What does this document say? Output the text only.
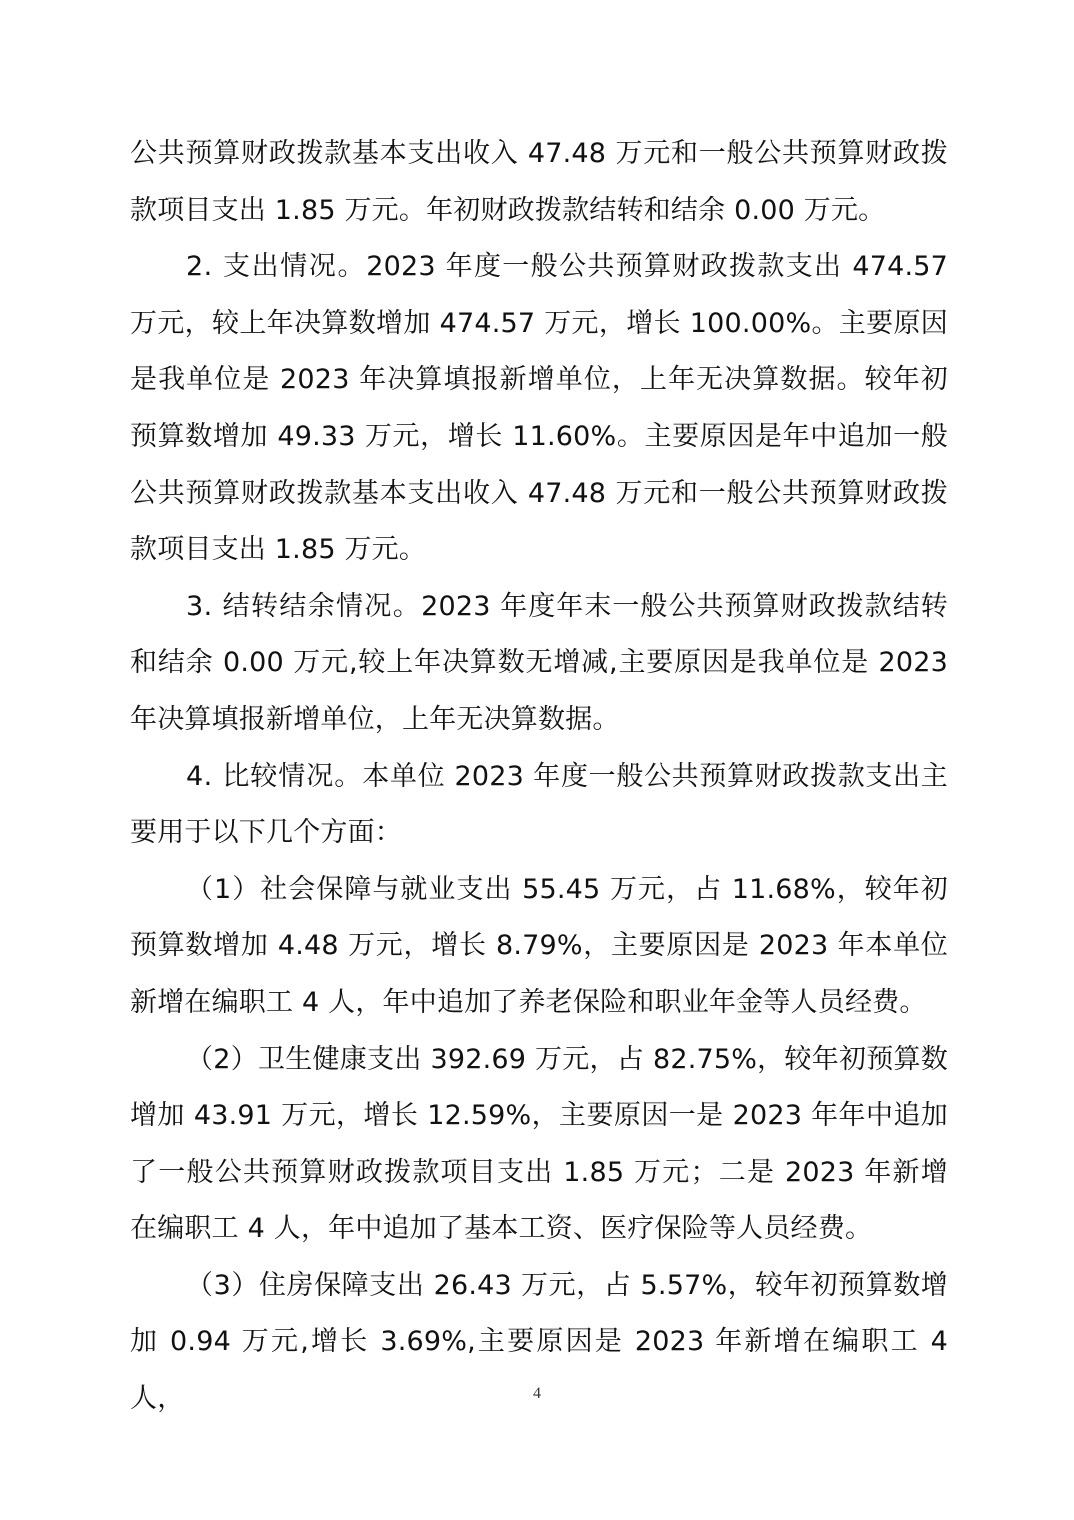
公共预算财政拨款基本支出收入 47.48 万元和一般公共预算财政拨款项目支出 1.85 万元。年初财政拨款结转和结余 0.00 万元。

2. 支出情况。2023 年度一般公共预算财政拨款支出 474.57 万元，较上年决算数增加 474.57 万元，增长 100.00%。主要原因是我单位是 2023 年决算填报新增单位，上年无决算数据。较年初预算数增加 49.33 万元，增长 11.60%。主要原因是年中追加一般公共预算财政拨款基本支出收入 47.48 万元和一般公共预算财政拨款项目支出 1.85 万元。

3. 结转结余情况。2023 年度年末一般公共预算财政拨款结转和结余 0.00 万元,较上年决算数无增减,主要原因是我单位是 2023 年决算填报新增单位，上年无决算数据。

4. 比较情况。本单位 2023 年度一般公共预算财政拨款支出主要用于以下几个方面：

（1）社会保障与就业支出 55.45 万元，占 11.68%，较年初预算数增加 4.48 万元，增长 8.79%，主要原因是 2023 年本单位新增在编职工 4 人，年中追加了养老保险和职业年金等人员经费。

（2）卫生健康支出 392.69 万元，占 82.75%，较年初预算数增加 43.91 万元，增长 12.59%，主要原因一是 2023 年年中追加了一般公共预算财政拨款项目支出 1.85 万元；二是 2023 年新增在编职工 4 人，年中追加了基本工资、医疗保险等人员经费。

（3）住房保障支出 26.43 万元，占 5.57%，较年初预算数增加 0.94 万元,增长 3.69%,主要原因是 2023 年新增在编职工 4 人，	4
